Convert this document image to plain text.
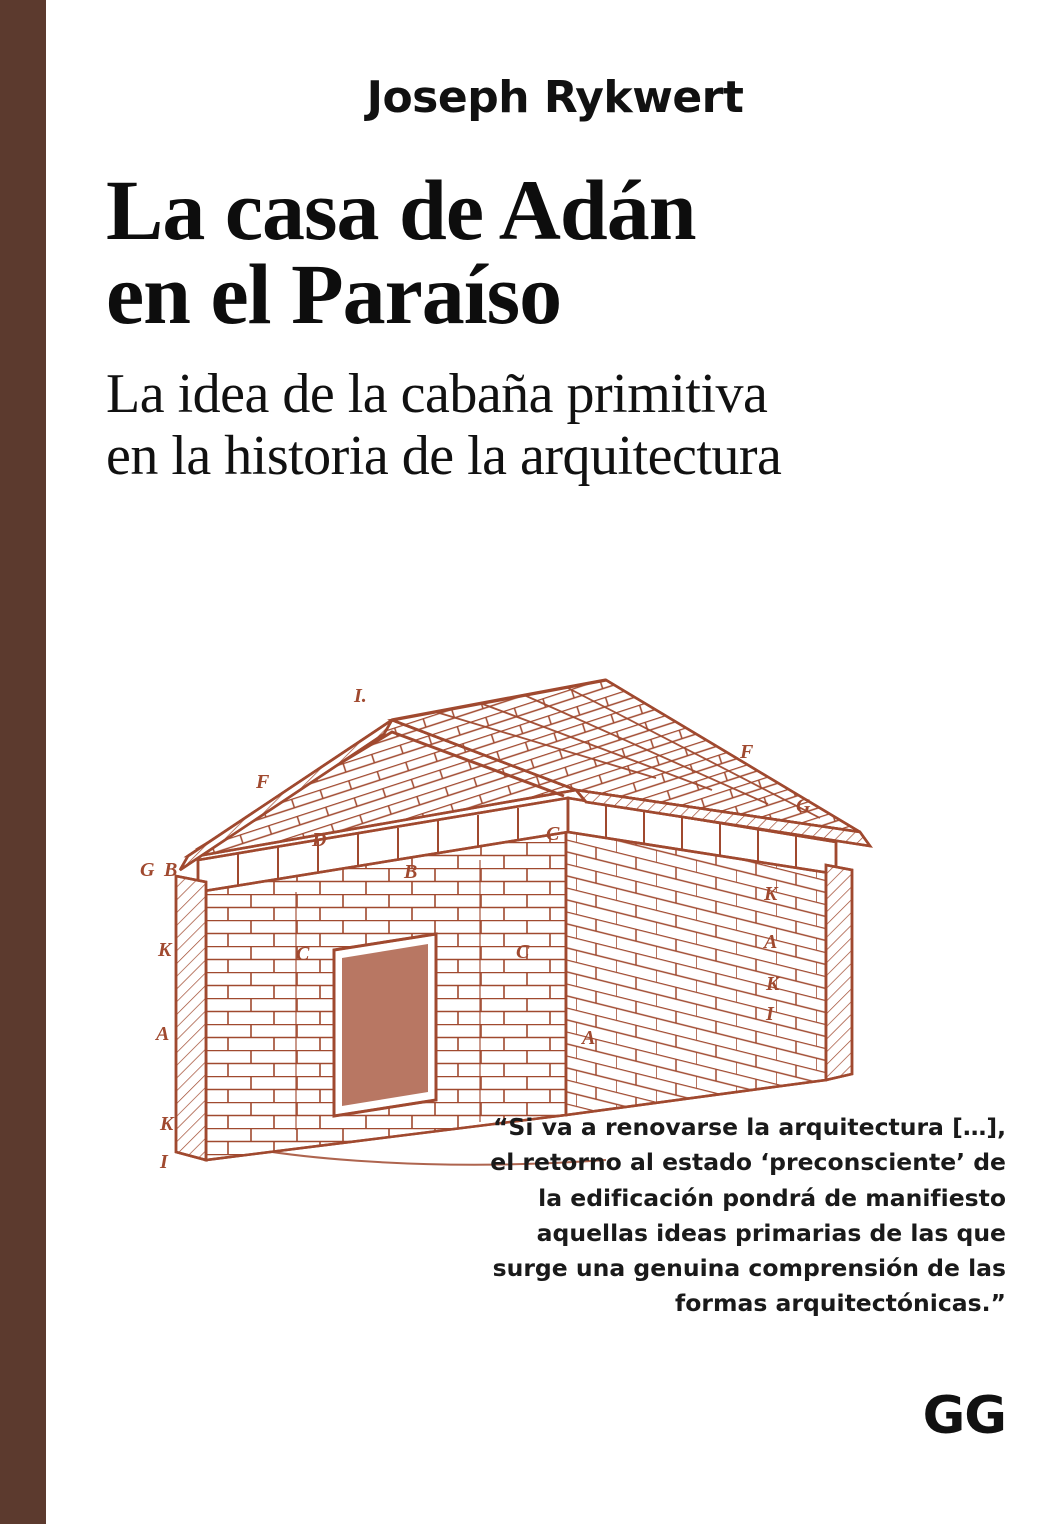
Joseph Rykwert
La casa de Adán
en el Paraíso
La idea de la cabaña primitiva
en la historia de la arquitectura
I.
F
F
G
G B	B
D	C
C	C
K
A	A
A
K
K
I
K
I
“Si va a renovarse la arquitectura […], el retorno al estado ‘preconsciente’ de la edificación pondrá de manifiesto aquellas ideas primarias de las que surge una genuina comprensión de las formas arquitectónicas.”
GG
